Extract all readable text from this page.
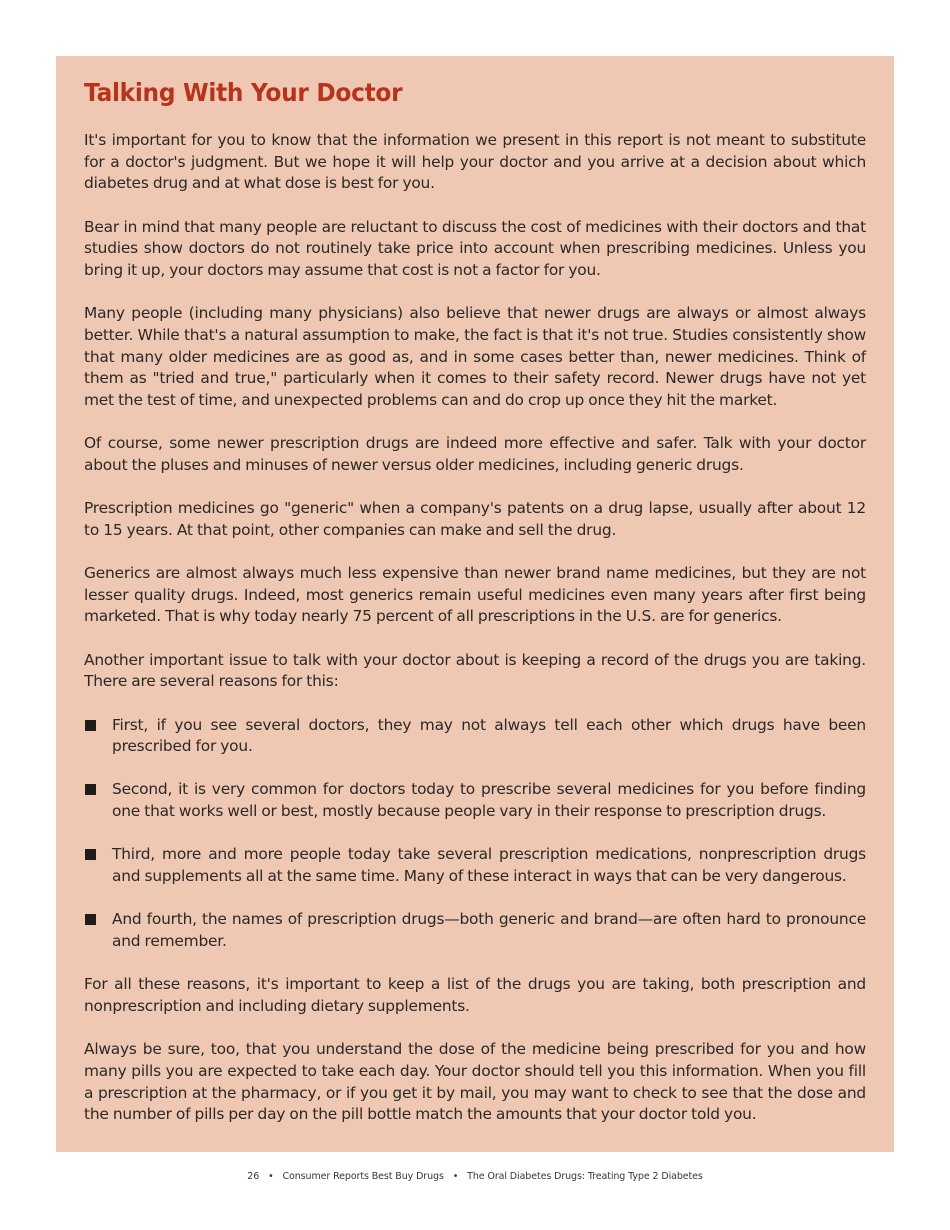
Talking With Your Doctor

It's important for you to know that the information we present in this report is not meant to substitute for a doctor's judgment. But we hope it will help your doctor and you arrive at a decision about which diabetes drug and at what dose is best for you.

Bear in mind that many people are reluctant to discuss the cost of medicines with their doctors and that studies show doctors do not routinely take price into account when prescribing medicines. Unless you bring it up, your doctors may assume that cost is not a factor for you.

Many people (including many physicians) also believe that newer drugs are always or almost always better. While that's a natural assumption to make, the fact is that it's not true. Studies consistently show that many older medicines are as good as, and in some cases better than, newer medicines. Think of them as "tried and true," particularly when it comes to their safety record. Newer drugs have not yet met the test of time, and unexpected problems can and do crop up once they hit the market.

Of course, some newer prescription drugs are indeed more effective and safer. Talk with your doctor about the pluses and minuses of newer versus older medicines, including generic drugs.

Prescription medicines go "generic" when a company's patents on a drug lapse, usually after about 12 to 15 years. At that point, other companies can make and sell the drug.

Generics are almost always much less expensive than newer brand name medicines, but they are not lesser quality drugs. Indeed, most generics remain useful medicines even many years after first being marketed. That is why today nearly 75 percent of all prescriptions in the U.S. are for generics.

Another important issue to talk with your doctor about is keeping a record of the drugs you are taking. There are several reasons for this:

First, if you see several doctors, they may not always tell each other which drugs have been prescribed for you.
Second, it is very common for doctors today to prescribe several medicines for you before finding one that works well or best, mostly because people vary in their response to prescription drugs.
Third, more and more people today take several prescription medications, nonprescription drugs and supplements all at the same time. Many of these interact in ways that can be very dangerous.
And fourth, the names of prescription drugs—both generic and brand—are often hard to pronounce and remember.

For all these reasons, it's important to keep a list of the drugs you are taking, both prescription and nonprescription and including dietary supplements.

Always be sure, too, that you understand the dose of the medicine being prescribed for you and how many pills you are expected to take each day. Your doctor should tell you this information. When you fill a prescription at the pharmacy, or if you get it by mail, you may want to check to see that the dose and the number of pills per day on the pill bottle match the amounts that your doctor told you.

26 • Consumer Reports Best Buy Drugs • The Oral Diabetes Drugs: Treating Type 2 Diabetes
